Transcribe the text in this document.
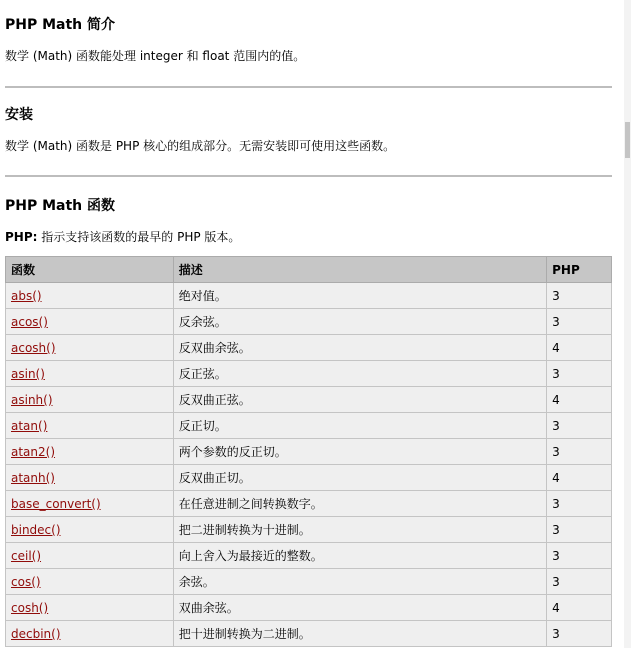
PHP Math 简介

数学 (Math) 函数能处理 integer 和 float 范围内的值。

安装

数学 (Math) 函数是 PHP 核心的组成部分。无需安装即可使用这些函数。

PHP Math 函数

PHP: 指示支持该函数的最早的 PHP 版本。

函数	描述	PHP
abs()	绝对值。	3
acos()	反余弦。	3
acosh()	反双曲余弦。	4
asin()	反正弦。	3
asinh()	反双曲正弦。	4
atan()	反正切。	3
atan2()	两个参数的反正切。	3
atanh()	反双曲正切。	4
base_convert()	在任意进制之间转换数字。	3
bindec()	把二进制转换为十进制。	3
ceil()	向上舍入为最接近的整数。	3
cos()	余弦。	3
cosh()	双曲余弦。	4
decbin()	把十进制转换为二进制。	3
